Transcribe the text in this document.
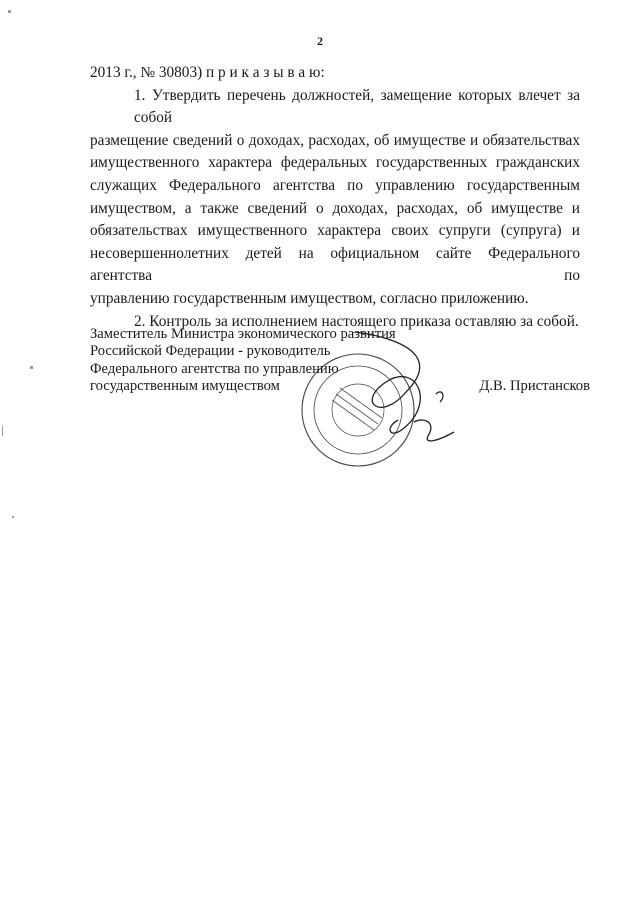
2
2013 г., № 30803) п р и к а з ы в а ю:
1. Утвердить перечень должностей, замещение которых влечет за собой
размещение сведений о доходах, расходах, об имуществе и обязательствах
имущественного характера федеральных государственных гражданских
служащих Федерального агентства по управлению государственным
имуществом, а также сведений о доходах, расходах, об имуществе и
обязательствах имущественного характера своих супруги (супруга) и
несовершеннолетних детей на официальном сайте Федерального агентства по
управлению государственным имуществом, согласно приложению.
2. Контроль за исполнением настоящего приказа оставляю за собой.
Заместитель Министра экономического развития
Российской Федерации - руководитель
Федерального агентства по управлению
государственным имуществом	Д.В. Пристансков
